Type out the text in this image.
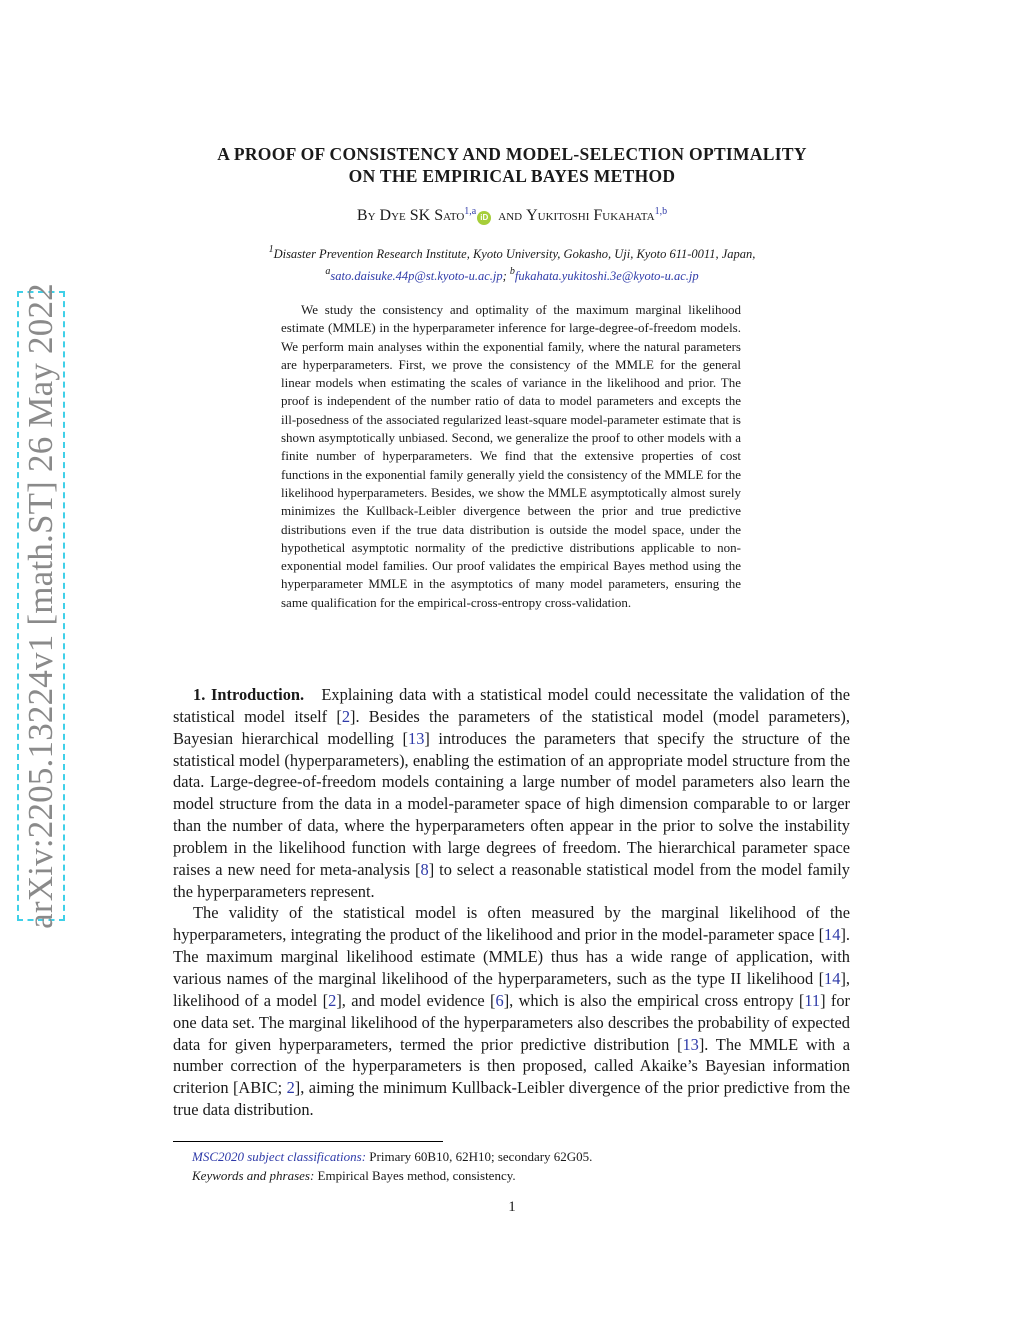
arXiv:2205.13224v1 [math.ST] 26 May 2022
A PROOF OF CONSISTENCY AND MODEL-SELECTION OPTIMALITY
ON THE EMPIRICAL BAYES METHOD
By Dye SK Sato$^{1,a}$iD and Yukitoshi Fukahata$^{1,b}$
$^1$Disaster Prevention Research Institute, Kyoto University, Gokasho, Uji, Kyoto 611-0011, Japan,
$^a$sato.daisuke.44p@st.kyoto-u.ac.jp; $^b$fukahata.yukitoshi.3e@kyoto-u.ac.jp

We study the consistency and optimality of the maximum marginal likelihood estimate (MMLE) in the hyperparameter inference for large-degree-of-freedom models. We perform main analyses within the exponential family, where the natural parameters are hyperparameters. First, we prove the consistency of the MMLE for the general linear models when estimating the scales of variance in the likelihood and prior. The proof is independent of the number ratio of data to model parameters and excepts the ill-posedness of the associated regularized least-square model-parameter estimate that is shown asymptotically unbiased. Second, we generalize the proof to other models with a finite number of hyperparameters. We find that the extensive properties of cost functions in the exponential family generally yield the consistency of the MMLE for the likelihood hyperparameters. Besides, we show the MMLE asymptotically almost surely minimizes the Kullback-Leibler divergence between the prior and true predictive distributions even if the true data distribution is outside the model space, under the hypothetical asymptotic normality of the predictive distributions applicable to non-exponential model families. Our proof validates the empirical Bayes method using the hyperparameter MMLE in the asymptotics of many model parameters, ensuring the same qualification for the empirical-cross-entropy cross-validation.

1. Introduction. Explaining data with a statistical model could necessitate the validation of the statistical model itself [2]. Besides the parameters of the statistical model (model parameters), Bayesian hierarchical modelling [13] introduces the parameters that specify the structure of the statistical model (hyperparameters), enabling the estimation of an appropriate model structure from the data. Large-degree-of-freedom models containing a large number of model parameters also learn the model structure from the data in a model-parameter space of high dimension comparable to or larger than the number of data, where the hyperparameters often appear in the prior to solve the instability problem in the likelihood function with large degrees of freedom. The hierarchical parameter space raises a new need for meta-analysis [8] to select a reasonable statistical model from the model family the hyperparameters represent.

The validity of the statistical model is often measured by the marginal likelihood of the hyperparameters, integrating the product of the likelihood and prior in the model-parameter space [14]. The maximum marginal likelihood estimate (MMLE) thus has a wide range of application, with various names of the marginal likelihood of the hyperparameters, such as the type II likelihood [14], likelihood of a model [2], and model evidence [6], which is also the empirical cross entropy [11] for one data set. The marginal likelihood of the hyperparameters also describes the probability of expected data for given hyperparameters, termed the prior predictive distribution [13]. The MMLE with a number correction of the hyperparameters is then proposed, called Akaike’s Bayesian information criterion [ABIC; 2], aiming the minimum Kullback-Leibler divergence of the prior predictive from the true data distribution.

MSC2020 subject classifications: Primary 60B10, 62H10; secondary 62G05.
Keywords and phrases: Empirical Bayes method, consistency.
1
